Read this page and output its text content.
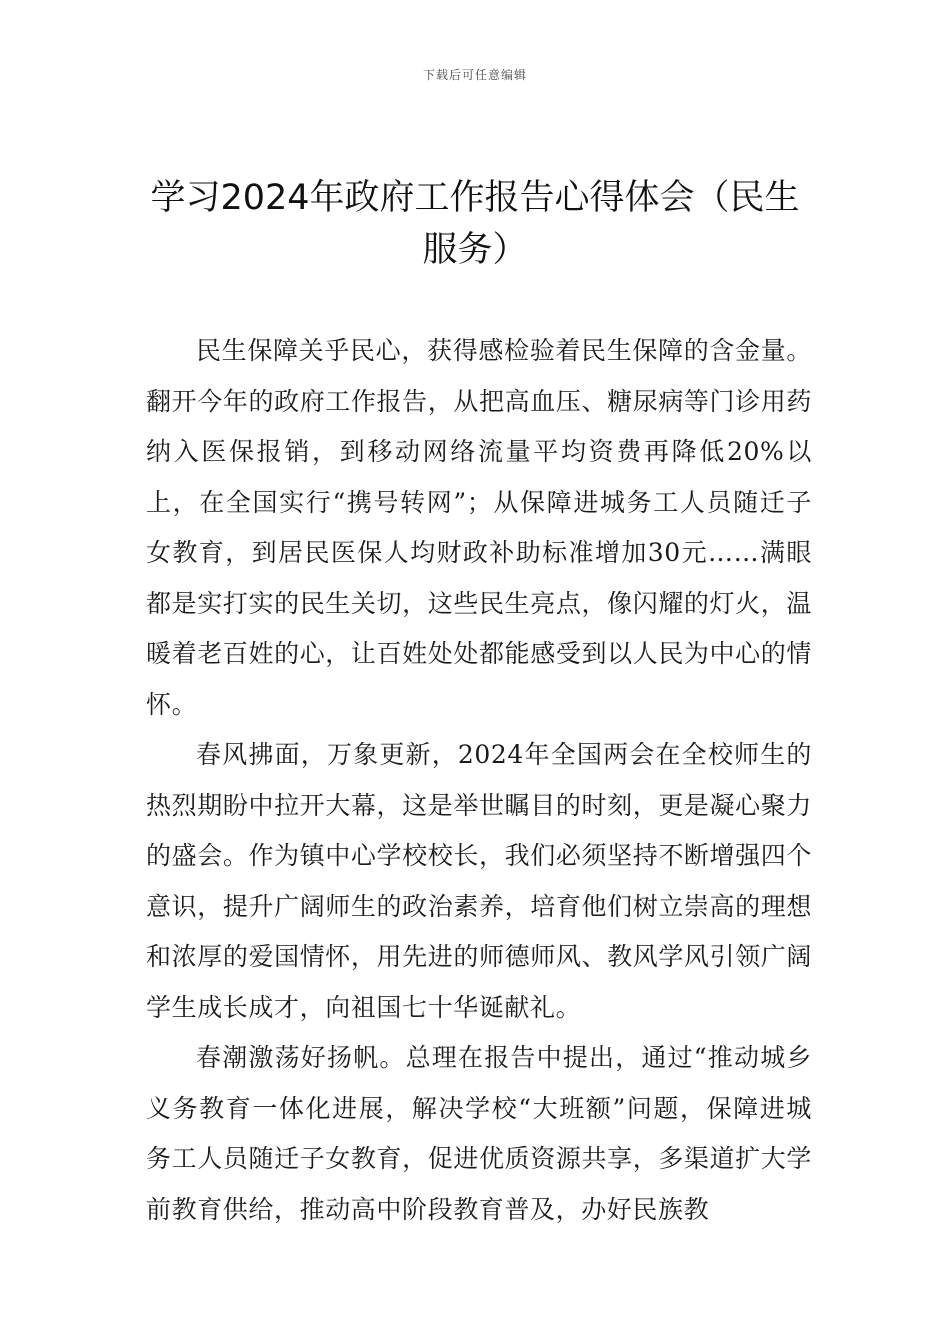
下载后可任意编辑
学习2024年政府工作报告心得体会（民生服务）

民生保障关乎民心，获得感检验着民生保障的含金量。翻开今年的政府工作报告，从把高血压、糖尿病等门诊用药纳入医保报销，到移动网络流量平均资费再降低20%以上，在全国实行“携号转网”；从保障进城务工人员随迁子女教育，到居民医保人均财政补助标准增加30元……满眼都是实打实的民生关切，这些民生亮点，像闪耀的灯火，温暖着老百姓的心，让百姓处处都能感受到以人民为中心的情怀。

春风拂面，万象更新，2024年全国两会在全校师生的热烈期盼中拉开大幕，这是举世瞩目的时刻，更是凝心聚力的盛会。作为镇中心学校校长，我们必须坚持不断增强四个意识，提升广阔师生的政治素养，培育他们树立崇高的理想和浓厚的爱国情怀，用先进的师德师风、教风学风引领广阔学生成长成才，向祖国七十华诞献礼。

春潮激荡好扬帆。总理在报告中提出，通过“推动城乡义务教育一体化进展，解决学校“大班额”问题，保障进城务工人员随迁子女教育，促进优质资源共享，多渠道扩大学前教育供给，推动高中阶段教育普及，办好民族教
